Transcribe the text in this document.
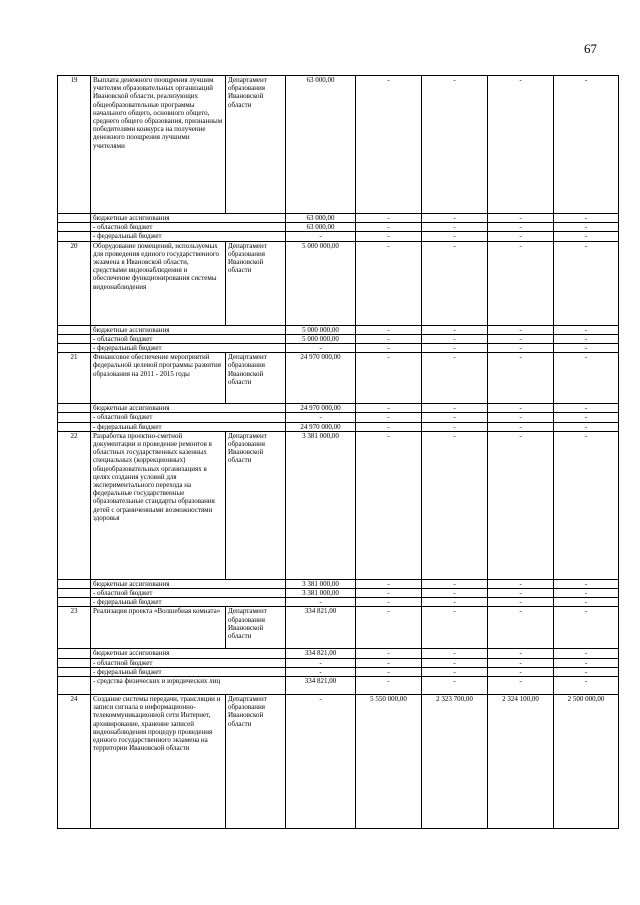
67
19	Выплата денежного поощрения лучшим учителям образовательных организаций Ивановской области, реализующих общеобразовательные программы начального общего, основного общего, среднего общего образования, признанным победителями конкурса на получение денежного поощрения лучшими учителями	Департамент образования Ивановской области	63 000,00	-	-	-	-
	бюджетные ассигнования		63 000,00	-	-	-	-
	- областной бюджет		63 000,00	-	-	-	-
	- федеральный бюджет		-	-	-	-	-
20	Оборудование помещений, используемых для проведения единого государственного экзамена в Ивановской области, средствами видеонаблюдения и обеспечение функционирования системы видеонаблюдения	Департамент образования Ивановской области	5 000 000,00	-	-	-	-
	бюджетные ассигнования		5 000 000,00	-	-	-	-
	- областной бюджет		5 000 000,00	-	-	-	-
	- федеральный бюджет		-	-	-	-	-
21	Финансовое обеспечение мероприятий федеральной целевой программы развития образования на 2011 - 2015 годы	Департамент образования Ивановской области	24 970 000,00	-	-	-	-
	бюджетные ассигнования		24 970 000,00	-	-	-	-
	- областной бюджет		-	-	-	-	-
	- федеральный бюджет		24 970 000,00	-	-	-	-
22	Разработка проектно-сметной документации и проведение ремонтов в областных государственных казенных специальных (коррекционных) общеобразовательных организациях в целях создания условий для экспериментального перехода на федеральные государственные образовательные стандарты образования детей с ограниченными возможностями здоровья	Департамент образования Ивановской области	3 381 000,00	-	-	-	-
	бюджетные ассигнования		3 381 000,00	-	-	-	-
	- областной бюджет		3 381 000,00	-	-	-	-
	- федеральный бюджет		-	-	-	-	-
23	Реализация проекта «Волшебная комната»	Департамент образования Ивановской области	334 821,00	-	-	-	-
	бюджетные ассигнования		334 821,00	-	-	-	-
	- областной бюджет		-	-	-	-	-
	- федеральный бюджет		-	-	-	-	-
	- средства физических и юридических лиц		334 821,00	-	-	-	-
24	Создание системы передачи, трансляции и записи сигнала в информационно-телекоммуникационной сети Интернет, архивирование, хранение записей видеонаблюдения процедур проведения единого государственного экзамена на территории Ивановской области	Департамент образования Ивановской области	-	5 550 000,00	2 323 700,00	2 324 100,00	2 500 000,00
